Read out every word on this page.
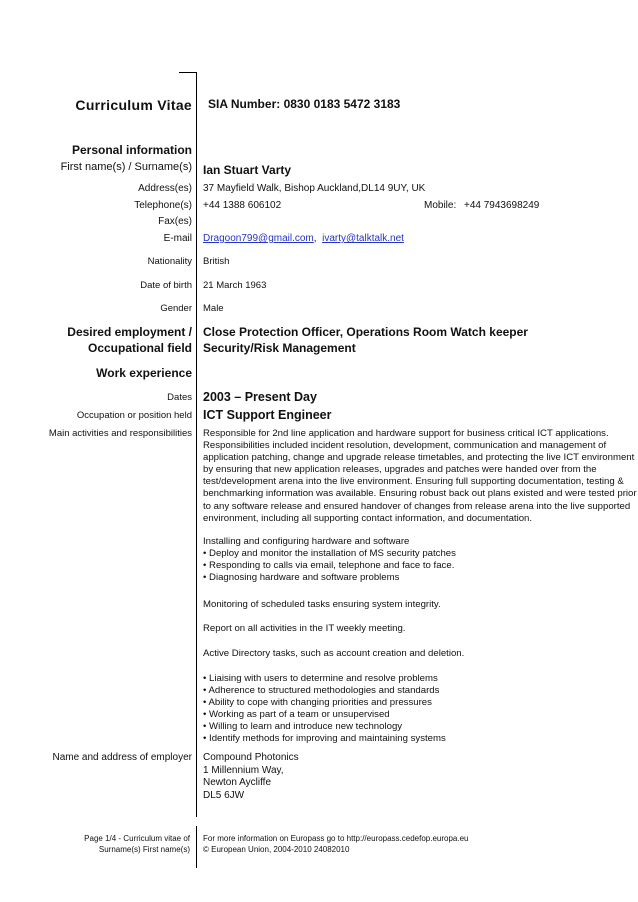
Curriculum Vitae SIA Number: 0830 0183 5472 3183
Personal information
First name(s) / Surname(s) Ian Stuart Varty
Address(es) 37 Mayfield Walk, Bishop Auckland,DL14 9UY, UK
Telephone(s) +44 1388 606102	Mobile: +44 7943698249
Fax(es)
E-mail Dragoon799@gmail.com, ivarty@talktalk.net
Nationality British
Date of birth 21 March 1963
Gender Male
Desired employment /
Occupational field
Close Protection Officer, Operations Room Watch keeper
Security/Risk Management
Work experience
Dates 2003 – Present Day
Occupation or position held ICT Support Engineer
Main activities and responsibilities Responsible for 2nd line application and hardware support for business critical ICT applications.
Responsibilities included incident resolution, development, communication and management of
application patching, change and upgrade release timetables, and protecting the live ICT environment
by ensuring that new application releases, upgrades and patches were handed over from the
test/development arena into the live environment. Ensuring full supporting documentation, testing &
benchmarking information was available. Ensuring robust back out plans existed and were tested prior
to any software release and ensured handover of changes from release arena into the live supported
environment, including all supporting contact information, and documentation.
Installing and configuring hardware and software
• Deploy and monitor the installation of MS security patches
• Responding to calls via email, telephone and face to face.
• Diagnosing hardware and software problems
Monitoring of scheduled tasks ensuring system integrity.
Report on all activities in the IT weekly meeting.
Active Directory tasks, such as account creation and deletion.
• Liaising with users to determine and resolve problems
• Adherence to structured methodologies and standards
• Ability to cope with changing priorities and pressures
• Working as part of a team or unsupervised
• Willing to learn and introduce new technology
• Identify methods for improving and maintaining systems
Name and address of employer Compound Photonics
1 Millennium Way,
Newton Aycliffe
DL5 6JW
Page 1/4 - Curriculum vitae of
Surname(s) First name(s)
For more information on Europass go to http://europass.cedefop.europa.eu
© European Union, 2004-2010 24082010
